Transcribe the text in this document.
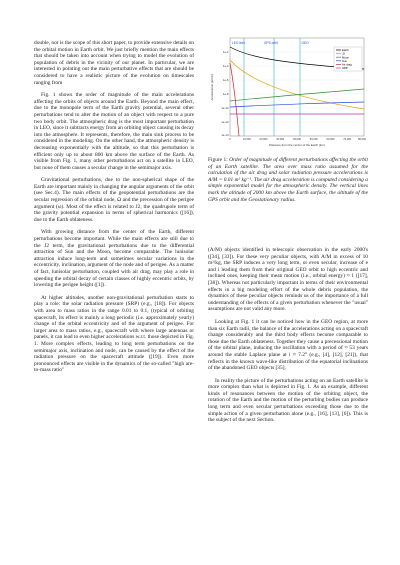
double, nor is the scope of this short paper, to provide extensive details on the orbital motion in Earth orbit. We just briefly mention the main effects that should be taken into account when trying to model the evolution of population of debris in the vicinity of our planet. In particular, we are interested in pointing out the main perturbative effects that are should be considered to have a realistic picture of the evolution on timescales ranging from

Fig. 1 shows the order of magnitude of the main accelerations affecting the orbits of objects around the Earth. Beyond the main effect, due to the monopole term of the Earth gravity potential, several other perturbations tend to alter the motion of an object with respect to a pure two body orbit. The atmospheric drag is the most important perturbation in LEO, since it subtracts energy from an orbiting object causing its decay into the atmosphere. It represents, therefore, the main sink process to be considered in the modeling. On the other hand, the atmospheric density is decreasing exponentially with the altitude, so that this perturbation is efficient only up to about 800 km above the surface of the Earth. As visible from Fig. 1, many other perturbations act on a satellite in LEO, but none of them causes a secular change in the semimajor axis.

Gravitational perturbations, due to the non-spherical shape of the Earth are important mainly in changing the angular arguments of the orbit (see Sec.4). The main effects of the geopotential perturbations are the secular regression of the orbital node, Ω and the precession of the perigee argument (ω). Most of the effect is related to J2, the quadrupole term of the gravity potential expansion in terms of spherical harmonics ([16]), due to the Earth oblateness.

With growing distance from the center of the Earth, different perturbations become important. While the main effects are still due to the J2 term, the gravitational perturbations due to the differential attraction of Sun and the Moon, become comparable. The lunisolar attraction induce long-term and sometimes secular variations in the eccentricity, inclination, argument of the node and of perigee. As a matter of fact, lunisolar perturbation, coupled with air drag, may play a role in speeding the orbital decay of certain classes of highly eccentric orbits, by lowering the perigee height ([1]).

At higher altitudes, another non-gravitational perturbation starts to play a role: the solar radiation pressure (SRP) (e.g., [18]). For objects with area to mass ratios in the range 0.01 to 0.1, (typical of orbiting spacecraft, its effect is mainly a long periodic (i.e. approximately yearly) change of the orbital eccentricity and of the argument of perigee. For larger area to mass ratios, e.g., spacecraft with where large antennas or panels, it can lead to even higher accelerations w.r.t. those depicted in Fig. 1. More complex effects, leading to long term perturbations on the semimajor axis, inclination and node, can be caused by the effect of the radiation pressure on the spacecraft attitude ([19]). Even more pronounced effects are visible in the dynamics of the so-called "high are-to-mass ratio"

LEO limit	GPS orbit	GEO
Earth
J2
Moon
Sun
Air drag
SRP
1e-2
1e-4
1e-6
1e-8
1e-10
1e-12
1e-14
Acceleration (km/s²)
0	10,000	20,000	30,000	40,000	50,000	60,000	70,000	80,000
Distance from the center of the Earth (km)
Figure 1: Order of magnitude of different perturbations affecting the orbit of an Earth satellite. The area over mass ratio assumed for the calculation of the air drag and solar radiation pressure accelerations is A/M = 0.01 m² kg⁻¹. The air drag acceleration is computed considering a simple exponential model for the atmospheric density. The vertical lines mark the altitude of 2000 km above the Earth surface, the altitude of the GPS orbit and the Geostationary radius.

(A/M) objects identified in telescopic observation in the early 2000's ([34], [33]). For these very peculiar objects, with A/M in excess of 10 m²/kg, the SRP induces a very long term, or even secular, increase of e and i leading them from their original GEO orbit to high eccentric and inclined ones, keeping their mean motion (i.e., orbital energy) ≈ 1 ([17], [38]). Whereas not particularly important in terms of their environmental effects in a big modeling effort of the whole debris population, the dynamics of these peculiar objects reminds us of the importance of a full understanding of the effects of a given perturbation whenever the "usual" assumptions are not valid any more.

Looking at Fig. 1 it can be noticed how in the GEO region, at more than six Earth radii, the balance of the accelerations acting on a spacecraft change considerably and the third body effects become comparable to those due the Earth oblateness. Together they cause a precessional motion of the orbital plane, inducing the oscillation with a period of ≈ 53 years around the stable Laplace plane at i ≈ 7.2° (e.g., [4], [12], [21]), that reflects in the known wave-like distribution of the equatorial inclinations of the abandoned GEO objects [35].

In reality the picture of the perturbations acting on an Earth satellite is more complex than what is depicted in Fig. 1. As an example, different kinds of resonances between the motion of the orbiting object, the rotation of the Earth and the motion of the perturbing bodies can produce long term and even secular perturbations exceeding those due to the simple action of a given perturbation alone (e.g., [16], [13], [6]). This is the subject of the next Section.
